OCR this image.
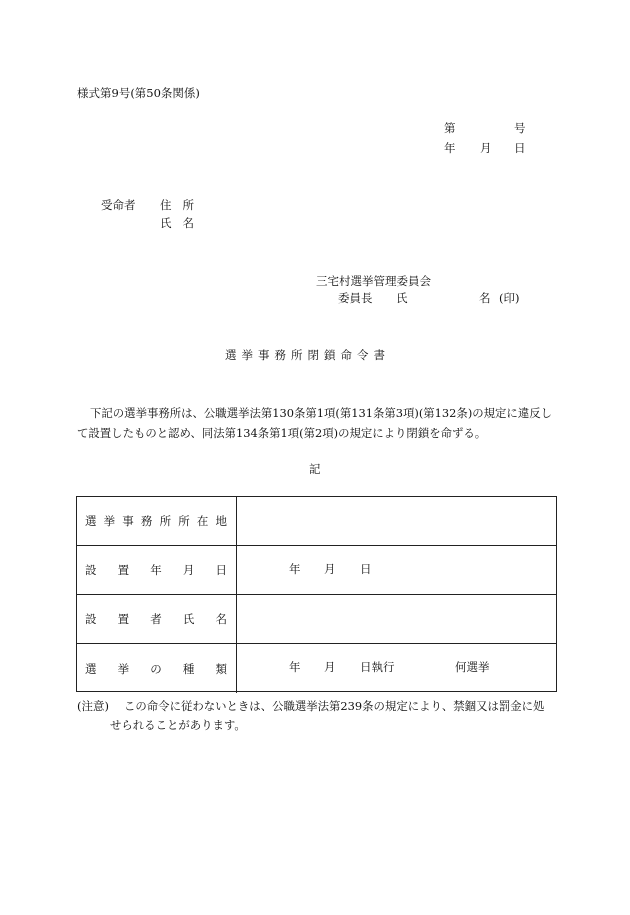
様式第9号(第50条関係)
第	号
年 月 日
受命者 住 所
氏 名
三宅村選挙管理委員会
委員長 氏	名 (印)
選挙事務所閉鎖命令書
下記の選挙事務所は、公職選挙法第130条第1項(第131条第3項)(第132条)の規定に違反し
て設置したものと認め、同法第134条第1項(第2項)の規定により閉鎖を命ずる。
記
選 挙 事 務 所 所 在 地
設 置 年 月 日	年 月 日
設 置 者 氏 名
選 挙 の 種 類	年 月 日執行	何選挙
(注意) この命令に従わないときは、公職選挙法第239条の規定により、禁錮又は罰金に処
せられることがあります。
